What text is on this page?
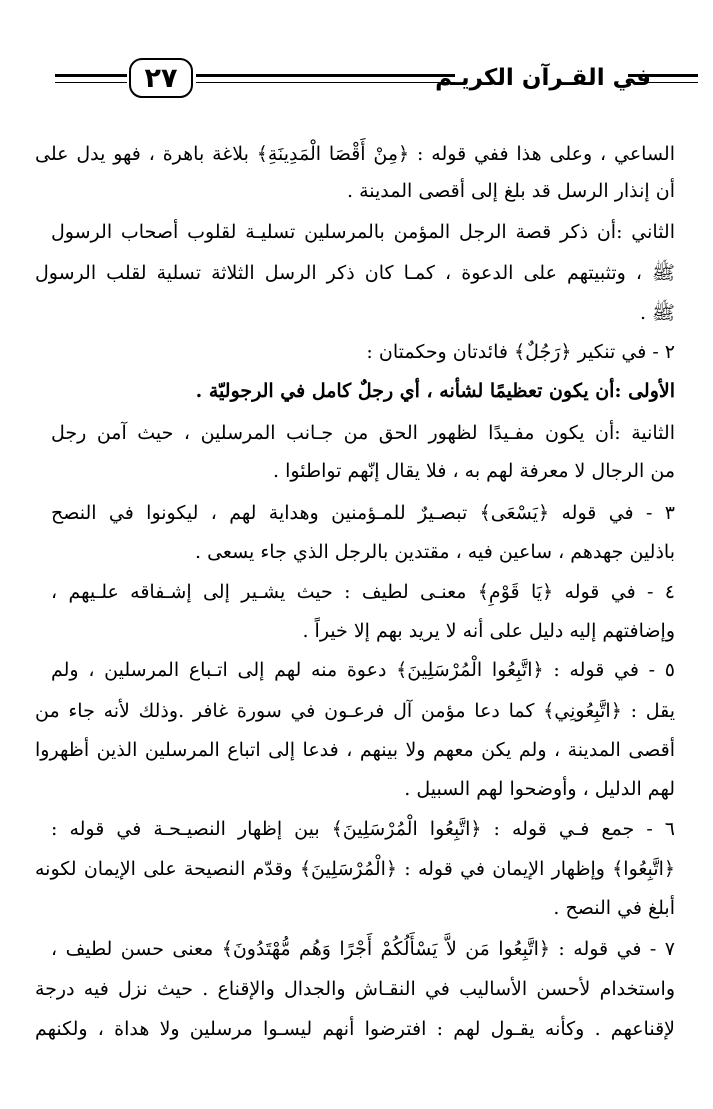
٢٧	في القـرآن الكريـم
الساعي ، وعلى هذا ففي قوله : ﴿مِنْ أَقْصَا الْمَدِينَةِ﴾ بلاغة باهرة ، فهو يدل على
أن إنذار الرسل قد بلغ إلى أقصى المدينة .
الثاني :أن ذكر قصة الرجل المؤمن بالمرسلين تسليـة لقلوب أصحاب الرسول
ﷺ ، وتثبيتهم على الدعوة ، كمـا كان ذكر الرسل الثلاثة تسلية لقلب الرسول
ﷺ .
٢ - في تنكير ﴿رَجُلٌ﴾ فائدتان وحكمتان :
الأولى :أن يكون تعظيمًا لشأنه ، أي رجلٌ كامل في الرجوليّة .
الثانية :أن يكون مفـيدًا لظهور الحق من جـانب المرسلين ، حيث آمن رجل
من الرجال لا معرفة لهم به ، فلا يقال إنّهم تواطئوا .
٣ - في قوله ﴿يَسْعَى﴾ تبصـيرٌ للمـؤمنين وهداية لهم ، ليكونوا في النصح
باذلين جهدهم ، ساعين فيه ، مقتدين بالرجل الذي جاء يسعى .
٤ - في قوله ﴿يَا قَوْمِ﴾ معنـى لطيف : حيث يشـير إلى إشـفاقه علـيهم ،
وإضافتهم إليه دليل على أنه لا يريد بهم إلا خيراً .
٥ - في قوله : ﴿اتَّبِعُوا الْمُرْسَلِينَ﴾ دعوة منه لهم إلى اتـباع المرسلين ، ولم
يقل : ﴿اتَّبِعُونِي﴾ كما دعا مؤمن آل فرعـون في سورة غافر .وذلك لأنه جاء من
أقصى المدينة ، ولم يكن معهم ولا بينهم ، فدعا إلى اتباع المرسلين الذين أظهروا
لهم الدليل ، وأوضحوا لهم السبيل .
٦ - جمع فـي قوله : ﴿اتَّبِعُوا الْمُرْسَلِينَ﴾ بين إظهار النصيـحـة في قوله :
﴿اتَّبِعُوا﴾ وإظهار الإيمان في قوله : ﴿الْمُرْسَلِينَ﴾ وقدّم النصيحة على الإيمان لكونه
أبلغ في النصح .
٧ - في قوله : ﴿اتَّبِعُوا مَن لاَّ يَسْأَلُكُمْ أَجْرًا وَهُم مُّهْتَدُونَ﴾ معنى حسن لطيف ،
واستخدام لأحسن الأساليب في النقـاش والجدال والإقناع . حيث نزل فيه درجة
لإقناعهم . وكأنه يقـول لهم : افترضوا أنهم ليسـوا مرسلين ولا هداة ، ولكنهم
